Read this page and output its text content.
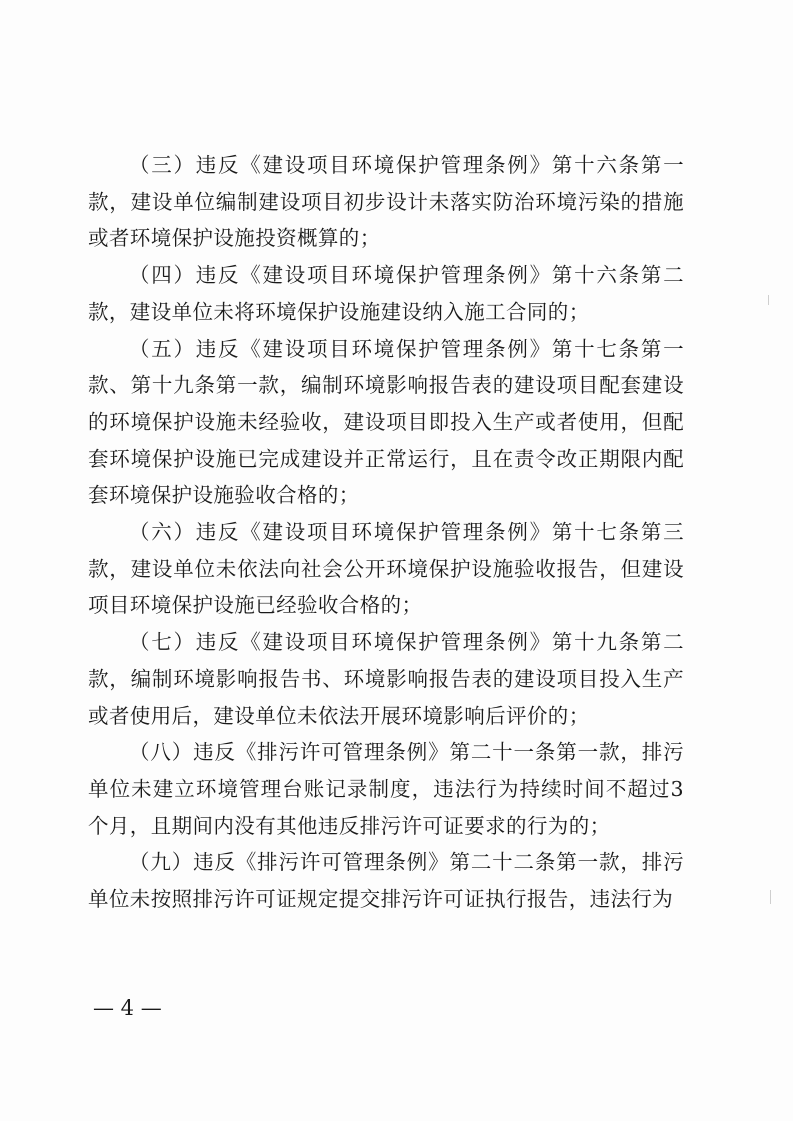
（三）违反《建设项目环境保护管理条例》第十六条第一款，建设单位编制建设项目初步设计未落实防治环境污染的措施或者环境保护设施投资概算的；

（四）违反《建设项目环境保护管理条例》第十六条第二款，建设单位未将环境保护设施建设纳入施工合同的；

（五）违反《建设项目环境保护管理条例》第十七条第一款、第十九条第一款，编制环境影响报告表的建设项目配套建设的环境保护设施未经验收，建设项目即投入生产或者使用，但配套环境保护设施已完成建设并正常运行，且在责令改正期限内配套环境保护设施验收合格的；

（六）违反《建设项目环境保护管理条例》第十七条第三款，建设单位未依法向社会公开环境保护设施验收报告，但建设项目环境保护设施已经验收合格的；

（七）违反《建设项目环境保护管理条例》第十九条第二款，编制环境影响报告书、环境影响报告表的建设项目投入生产或者使用后，建设单位未依法开展环境影响后评价的；

（八）违反《排污许可管理条例》第二十一条第一款，排污单位未建立环境管理台账记录制度，违法行为持续时间不超过3个月，且期间内没有其他违反排污许可证要求的行为的；

（九）违反《排污许可管理条例》第二十二条第一款，排污单位未按照排污许可证规定提交排污许可证执行报告，违法行为

— 4 —
